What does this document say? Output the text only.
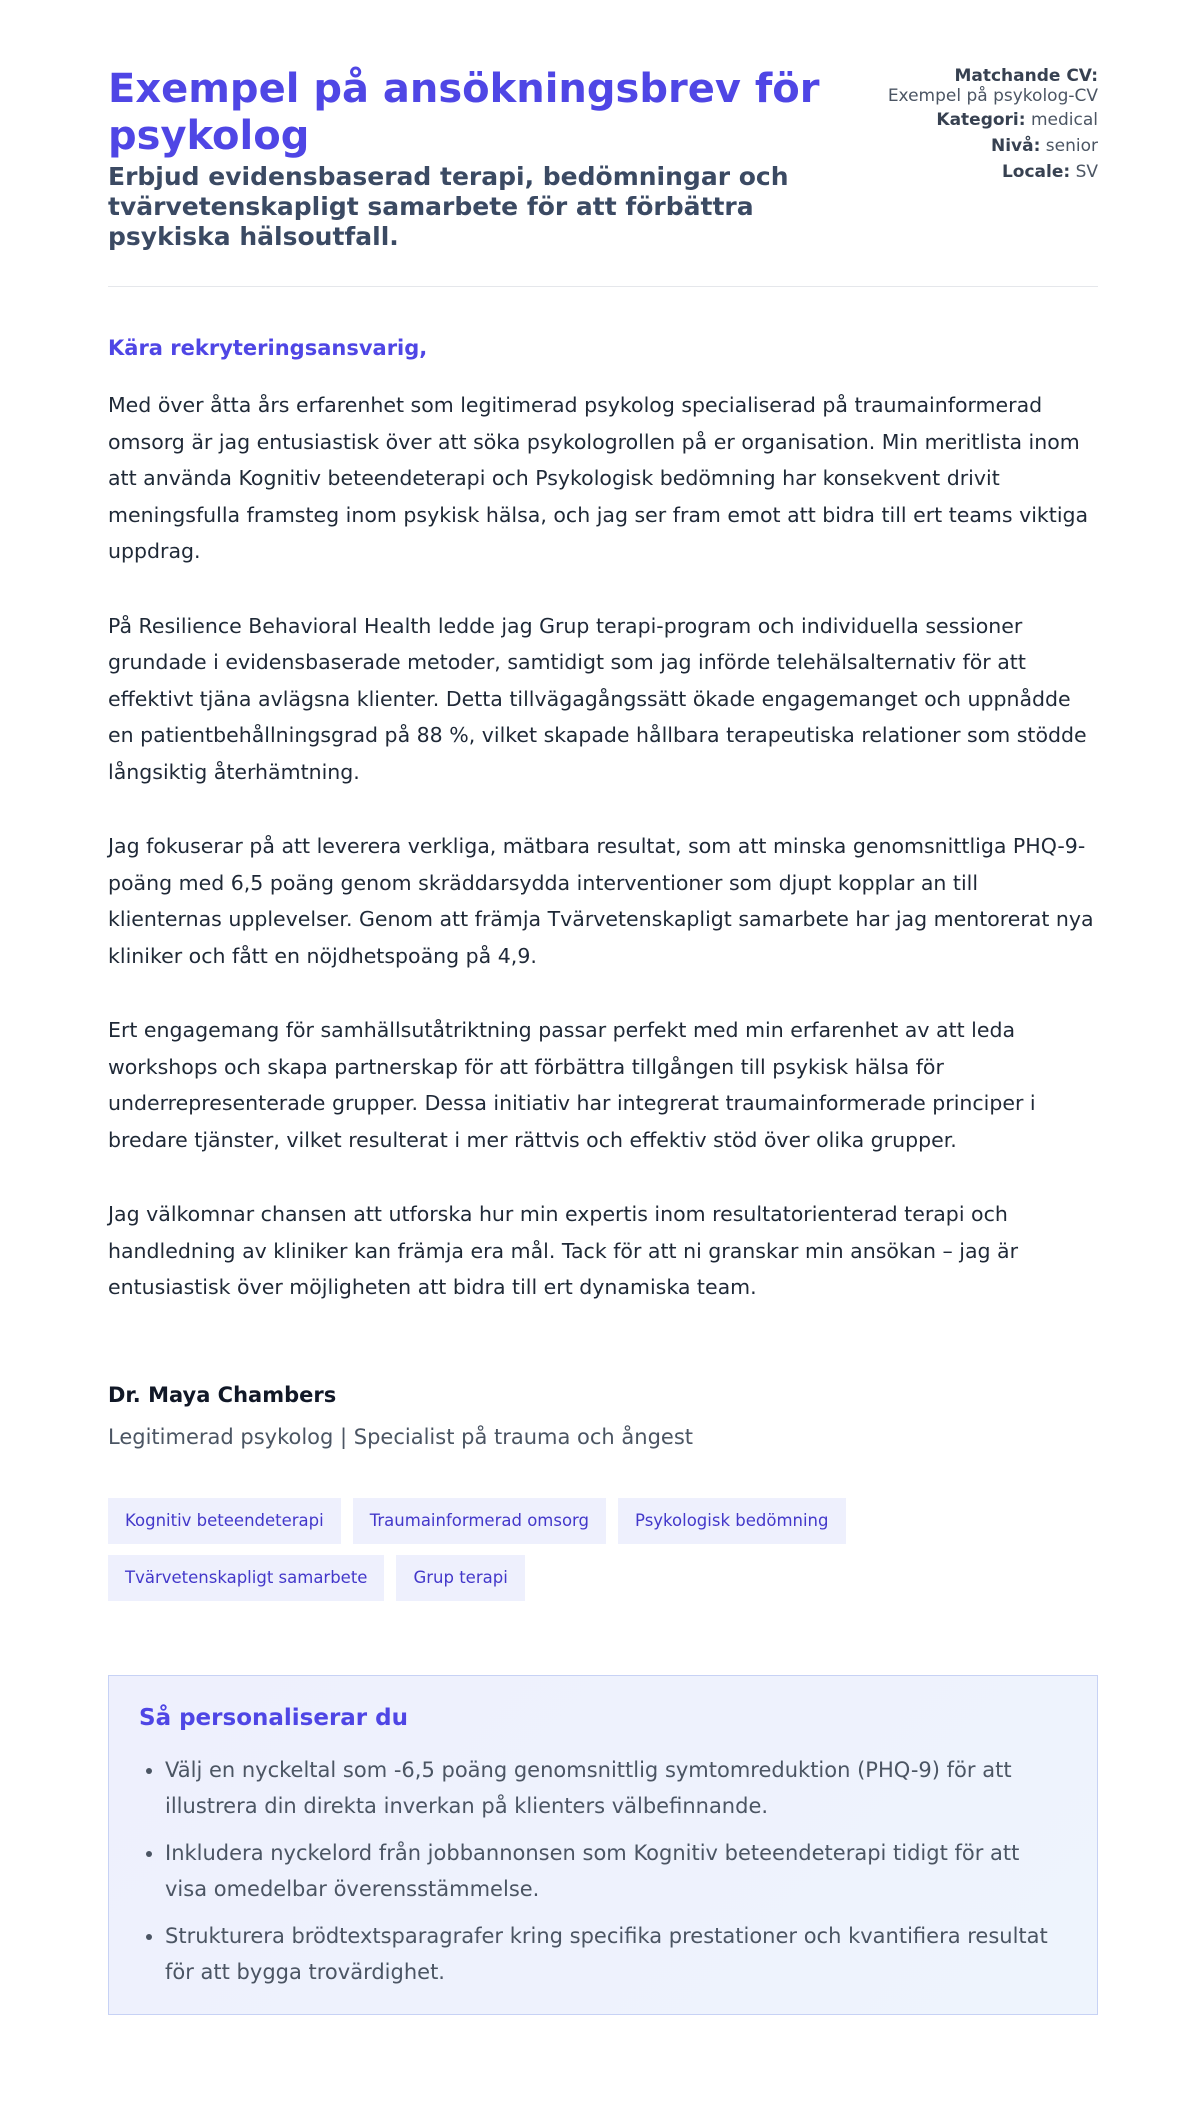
Exempel på ansökningsbrev för psykolog
Erbjud evidensbaserad terapi, bedömningar och tvärvetenskapligt samarbete för att förbättra psykiska hälsoutfall.
Matchande CV:
Exempel på psykolog-CV
Kategori: medical
Nivå: senior
Locale: SV
Kära rekryteringsansvarig,

Med över åtta års erfarenhet som legitimerad psykolog specialiserad på traumainformerad omsorg är jag entusiastisk över att söka psykologrollen på er organisation. Min meritlista inom att använda Kognitiv beteendeterapi och Psykologisk bedömning har konsekvent drivit meningsfulla framsteg inom psykisk hälsa, och jag ser fram emot att bidra till ert teams viktiga uppdrag.

På Resilience Behavioral Health ledde jag Grup terapi-program och individuella sessioner grundade i evidensbaserade metoder, samtidigt som jag införde telehälsalternativ för att effektivt tjäna avlägsna klienter. Detta tillvägagångssätt ökade engagemanget och uppnådde en patientbehållningsgrad på 88 %, vilket skapade hållbara terapeutiska relationer som stödde långsiktig återhämtning.

Jag fokuserar på att leverera verkliga, mätbara resultat, som att minska genomsnittliga PHQ-9-poäng med 6,5 poäng genom skräddarsydda interventioner som djupt kopplar an till klienternas upplevelser. Genom att främja Tvärvetenskapligt samarbete har jag mentorerat nya kliniker och fått en nöjdhetspoäng på 4,9.

Ert engagemang för samhällsutåtriktning passar perfekt med min erfarenhet av att leda workshops och skapa partnerskap för att förbättra tillgången till psykisk hälsa för underrepresenterade grupper. Dessa initiativ har integrerat traumainformerade principer i bredare tjänster, vilket resulterat i mer rättvis och effektiv stöd över olika grupper.

Jag välkomnar chansen att utforska hur min expertis inom resultatorienterad terapi och handledning av kliniker kan främja era mål. Tack för att ni granskar min ansökan – jag är entusiastisk över möjligheten att bidra till ert dynamiska team.

Dr. Maya Chambers
Legitimerad psykolog | Specialist på trauma och ångest
Kognitiv beteendeterapi	Traumainformerad omsorg	Psykologisk bedömning
Tvärvetenskapligt samarbete	Grup terapi
Så personaliserar du
• Välj en nyckeltal som -6,5 poäng genomsnittlig symtomreduktion (PHQ-9) för att illustrera din direkta inverkan på klienters välbefinnande.
• Inkludera nyckelord från jobbannonsen som Kognitiv beteendeterapi tidigt för att visa omedelbar överensstämmelse.
• Strukturera brödtextsparagrafer kring specifika prestationer och kvantifiera resultat för att bygga trovärdighet.
